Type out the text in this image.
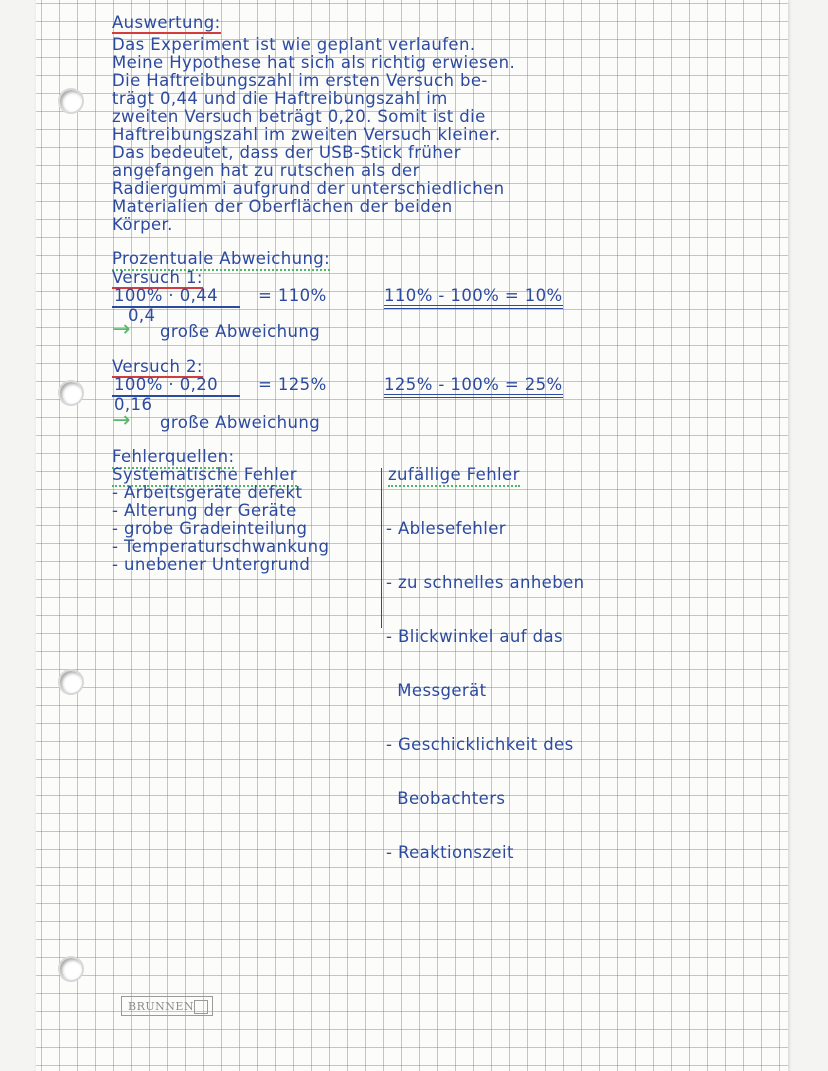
Auswertung:
Das Experiment ist wie geplant verlaufen.
Meine Hypothese hat sich als richtig erwiesen.
Die Haftreibungszahl im ersten Versuch be-
trägt 0,44 und die Haftreibungszahl im
zweiten Versuch beträgt 0,20. Somit ist die
Haftreibungszahl im zweiten Versuch kleiner.
Das bedeutet, dass der USB-Stick früher
angefangen hat zu rutschen als der
Radiergummi aufgrund der unterschiedlichen
Materialien der Oberflächen der beiden
Körper.
Prozentuale Abweichung:
Versuch 1:
100% · 0,44
0,4
= 110%	110% - 100% = 10%
→ große Abweichung
Versuch 2:
100% · 0,20
0,16
= 125%	125% - 100% = 25%
→ große Abweichung
Fehlerquellen:
Systematische Fehler
- Arbeitsgeräte defekt
- Alterung der Geräte
- grobe Gradeinteilung
- Temperaturschwankung
- unebener Untergrund
zufällige Fehler

- Ablesefehler

- zu schnelles anheben

- Blickwinkel auf das

Messgerät

- Geschicklichkeit des

Beobachters

- Reaktionszeit

BRUNNEN
